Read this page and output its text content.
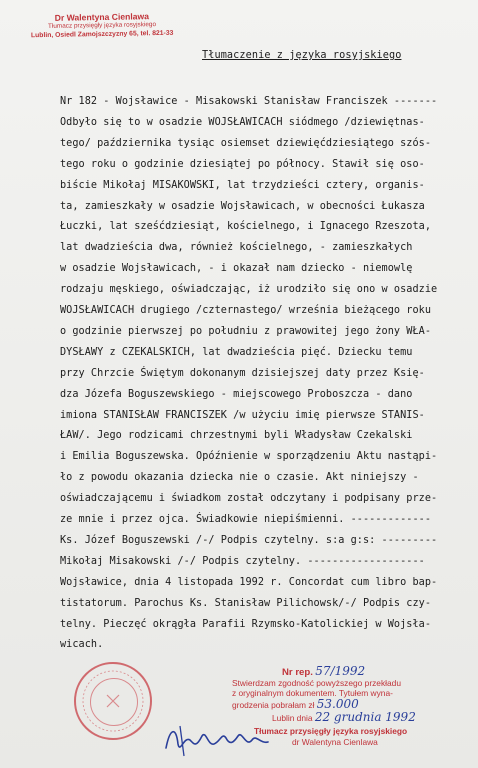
Dr Walentyna Cienlawa
Tłumacz przysięgły języka rosyjskiego
Lublin, Osiedl Zamojszczyzny 65, tel. 821-33
Tłumaczenie z języka rosyjskiego
Nr 182 - Wojsławice - Misakowski Stanisław Franciszek -------
Odbyło się to w osadzie WOJSŁAWICACH siódmego /dziewiętnas-
tego/ października tysiąc osiemset dziewięćdziesiątego szós-
tego roku o godzinie dziesiątej po północy. Stawił się oso-
biście Mikołaj MISAKOWSKI, lat trzydzieści cztery, organis-
ta, zamieszkały w osadzie Wojsławicach, w obecności Łukasza
Łuczki, lat sześćdziesiąt, kościelnego, i Ignacego Rzeszota,
lat dwadzieścia dwa, również kościelnego, - zamieszkałych
w osadzie Wojsławicach, - i okazał nam dziecko - niemowlę
rodzaju męskiego, oświadczając, iż urodziło się ono w osadzie
WOJSŁAWICACH drugiego /czternastego/ września bieżącego roku
o godzinie pierwszej po południu z prawowitej jego żony WŁA-
DYSŁAWY z CZEKALSKICH, lat dwadzieścia pięć. Dziecku temu
przy Chrzcie Świętym dokonanym dzisiejszej daty przez Księ-
dza Józefa Boguszewskiego - miejscowego Proboszcza - dano
imiona STANISŁAW FRANCISZEK /w użyciu imię pierwsze STANIS-
ŁAW/. Jego rodzicami chrzestnymi byli Władysław Czekalski
i Emilia Boguszewska. Opóźnienie w sporządzeniu Aktu nastąpi-
ło z powodu okazania dziecka nie o czasie. Akt niniejszy -
oświadczającemu i świadkom został odczytany i podpisany prze-
ze mnie i przez ojca. Świadkowie niepiśmienni. -------------
Ks. Józef Boguszewski /-/ Podpis czytelny. s:a g:s: ---------
Mikołaj Misakowski /-/ Podpis czytelny. -------------------
Wojsławice, dnia 4 listopada 1992 r. Concordat cum libro bap-
tistatorum. Parochus Ks. Stanisław Pilichowsk/-/ Podpis czy-
telny. Pieczęć okrągła Parafii Rzymsko-Katolickiej w Wojsła-
wicach.
Nr rep. 57/1992
Stwierdzam zgodność powyższego przekładu
z oryginalnym dokumentem. Tytułem wyna-
grodzenia pobrałam zł 53.000
Lublin dnia 22 grudnia 1992
Tłumacz przysięgły języka rosyjskiego
dr Walentyna Cienlawa
